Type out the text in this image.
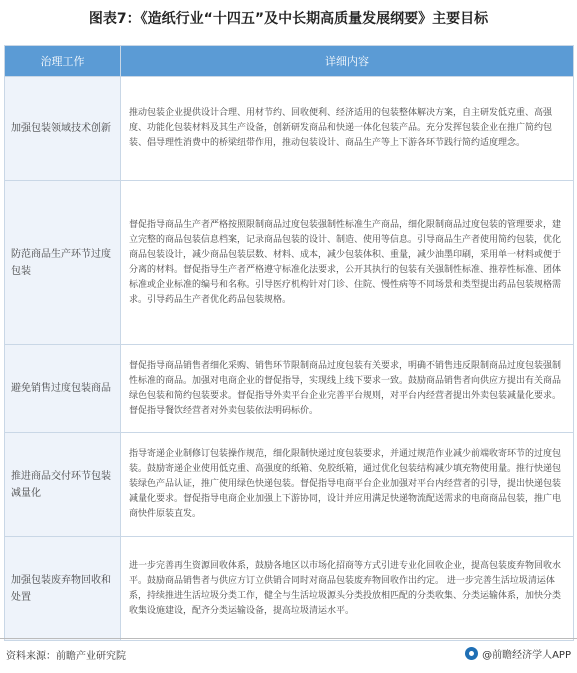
图表7：《造纸行业“十四五”及中长期高质量发展纲要》主要目标
治理工作	详细内容
加强包装领域技术创新	推动包装企业提供设计合理、用材节约、回收便利、经济适用的包装整体解决方案，自主研发低克重、高强度、功能化包装材料及其生产设备，创新研发商品和快递一体化包装产品。充分发挥包装企业在推广简约包装、倡导理性消费中的桥梁纽带作用，推动包装设计、商品生产等上下游各环节践行简约适度理念。
防范商品生产环节过度包装	督促指导商品生产者严格按照限制商品过度包装强制性标准生产商品，细化限制商品过度包装的管理要求，建立完整的商品包装信息档案，记录商品包装的设计、制造、使用等信息。引导商品生产者使用简约包装，优化商品包装设计，减少商品包装层数、材料、成本，减少包装体积、重量，减少油墨印刷，采用单一材料或便于分离的材料。督促指导生产者严格遵守标准化法要求，公开其执行的包装有关强制性标准、推荐性标准、团体标准或企业标准的编号和名称。引导医疗机构针对门诊、住院、慢性病等不同场景和类型提出药品包装规格需求。引导药品生产者优化药品包装规格。
避免销售过度包装商品	督促指导商品销售者细化采购、销售环节限制商品过度包装有关要求，明确不销售违反限制商品过度包装强制性标准的商品。加强对电商企业的督促指导，实现线上线下要求一致。鼓励商品销售者向供应方提出有关商品绿色包装和简约包装要求。督促指导外卖平台企业完善平台规则，对平台内经营者提出外卖包装减量化要求。督促指导餐饮经营者对外卖包装依法明码标价。
推进商品交付环节包装减量化	指导寄递企业制修订包装操作规范，细化限制快递过度包装要求，并通过规范作业减少前端收寄环节的过度包装。鼓励寄递企业使用低克重、高强度的纸箱、免胶纸箱，通过优化包装结构减少填充物使用量。推行快递包装绿色产品认证，推广使用绿色快递包装。督促指导电商平台企业加强对平台内经营者的引导，提出快递包装减量化要求。督促指导电商企业加强上下游协同，设计并应用满足快递物流配送需求的电商商品包装，推广电商快件原装直发。
加强包装废弃物回收和处置	进一步完善再生资源回收体系，鼓励各地区以市场化招商等方式引进专业化回收企业，提高包装废弃物回收水平。鼓励商品销售者与供应方订立供销合同时对商品包装废弃物回收作出约定。 进一步完善生活垃圾清运体系，持续推进生活垃圾分类工作，健全与生活垃圾源头分类投放相匹配的分类收集、分类运输体系，加快分类收集设施建设，配齐分类运输设备，提高垃圾清运水平。
资料来源：前瞻产业研究院	@前瞻经济学人APP
